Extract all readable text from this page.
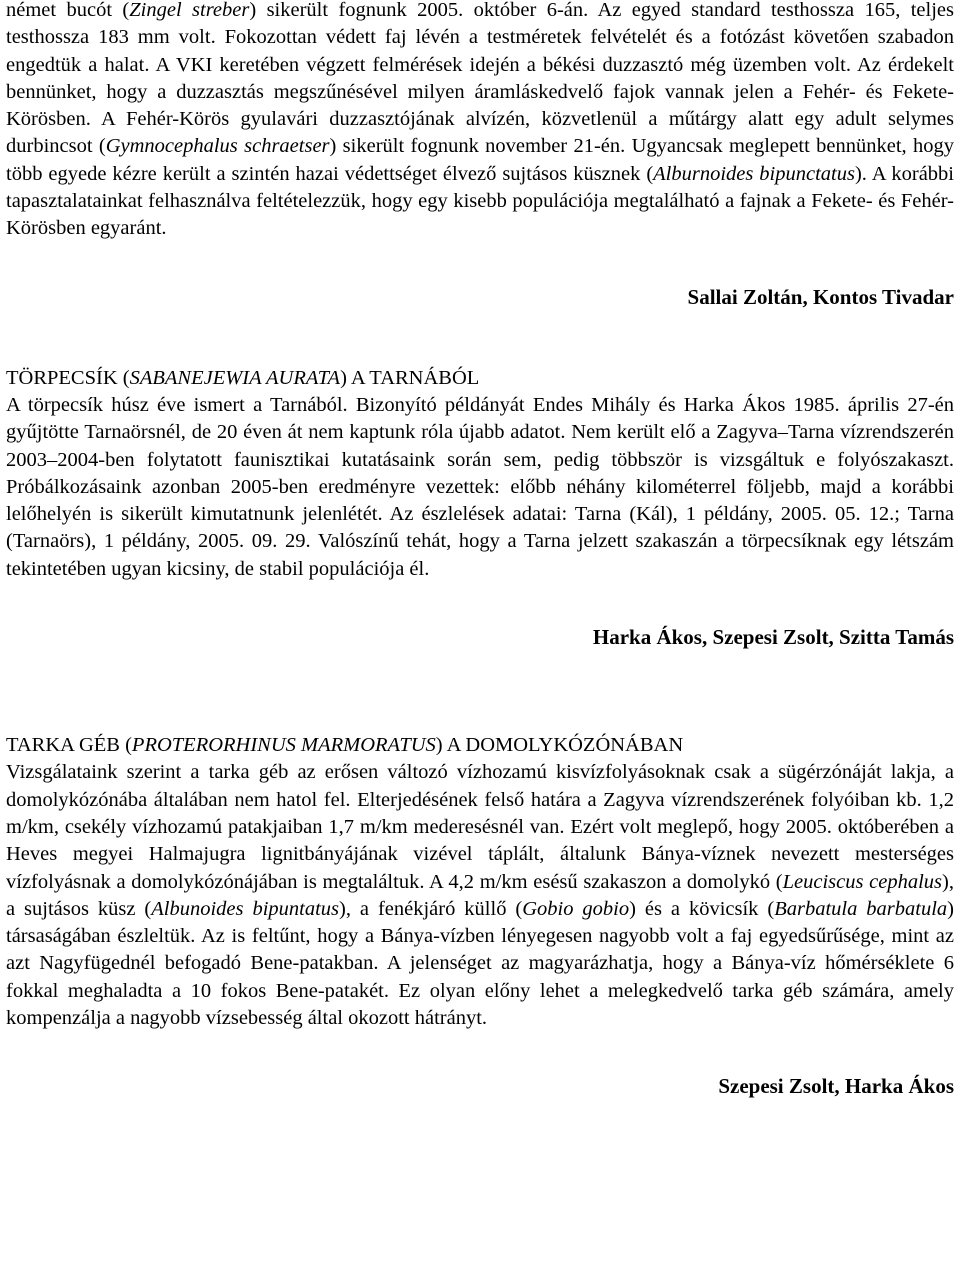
német bucót (Zingel streber) sikerült fognunk 2005. október 6-án. Az egyed standard testhossza 165, teljes testhossza 183 mm volt. Fokozottan védett faj lévén a testméretek felvételét és a fotózást követően szabadon engedtük a halat. A VKI keretében végzett felmérések idején a békési duzzasztó még üzemben volt. Az érdekelt bennünket, hogy a duzzasztás megszűnésével milyen áramláskedvelő fajok vannak jelen a Fehér- és Fekete-Körösben. A Fehér-Körös gyulavári duzzasztójának alvízén, közvetlenül a műtárgy alatt egy adult selymes durbincsot (Gymnocephalus schraetser) sikerült fognunk november 21-én. Ugyancsak meglepett bennünket, hogy több egyede kézre került a szintén hazai védettséget élvező sujtásos küsznek (Alburnoides bipunctatus). A korábbi tapasztalatainkat felhasználva feltételezzük, hogy egy kisebb populációja megtalálható a fajnak a Fekete- és Fehér-Körösben egyaránt.

Sallai Zoltán, Kontos Tivadar

TÖRPECSÍK (SABANEJEWIA AURATA) A TARNÁBÓL

A törpecsík húsz éve ismert a Tarnából. Bizonyító példányát Endes Mihály és Harka Ákos 1985. április 27-én gyűjtötte Tarnaörsnél, de 20 éven át nem kaptunk róla újabb adatot. Nem került elő a Zagyva–Tarna vízrendszerén 2003–2004-ben folytatott faunisztikai kutatásaink során sem, pedig többször is vizsgáltuk e folyószakaszt. Próbálkozásaink azonban 2005-ben eredményre vezettek: előbb néhány kilométerrel följebb, majd a korábbi lelőhelyén is sikerült kimutatnunk jelenlétét. Az észlelések adatai: Tarna (Kál), 1 példány, 2005. 05. 12.; Tarna (Tarnaörs), 1 példány, 2005. 09. 29. Valószínű tehát, hogy a Tarna jelzett szakaszán a törpecsíknak egy létszám tekintetében ugyan kicsiny, de stabil populációja él.

Harka Ákos, Szepesi Zsolt, Szitta Tamás

TARKA GÉB (PROTERORHINUS MARMORATUS) A DOMOLYKÓZÓNÁBAN

Vizsgálataink szerint a tarka géb az erősen változó vízhozamú kisvízfolyásoknak csak a sügérzónáját lakja, a domolykózónába általában nem hatol fel. Elterjedésének felső határa a Zagyva vízrendszerének folyóiban kb. 1,2 m/km, csekély vízhozamú patakjaiban 1,7 m/km mederesésnél van. Ezért volt meglepő, hogy 2005. októberében a Heves megyei Halmajugra lignitbányájának vizével táplált, általunk Bánya-víznek nevezett mesterséges vízfolyásnak a domolykózónájában is megtaláltuk. A 4,2 m/km esésű szakaszon a domolykó (Leuciscus cephalus), a sujtásos küsz (Albunoides bipuntatus), a fenékjáró küllő (Gobio gobio) és a kövicsík (Barbatula barbatula) társaságában észleltük. Az is feltűnt, hogy a Bánya-vízben lényegesen nagyobb volt a faj egyedsűrűsége, mint az azt Nagyfügednél befogadó Bene-patakban. A jelenséget az magyarázhatja, hogy a Bánya-víz hőmérséklete 6 fokkal meghaladta a 10 fokos Bene-patakét. Ez olyan előny lehet a melegkedvelő tarka géb számára, amely kompenzálja a nagyobb vízsebesség által okozott hátrányt.

Szepesi Zsolt, Harka Ákos
